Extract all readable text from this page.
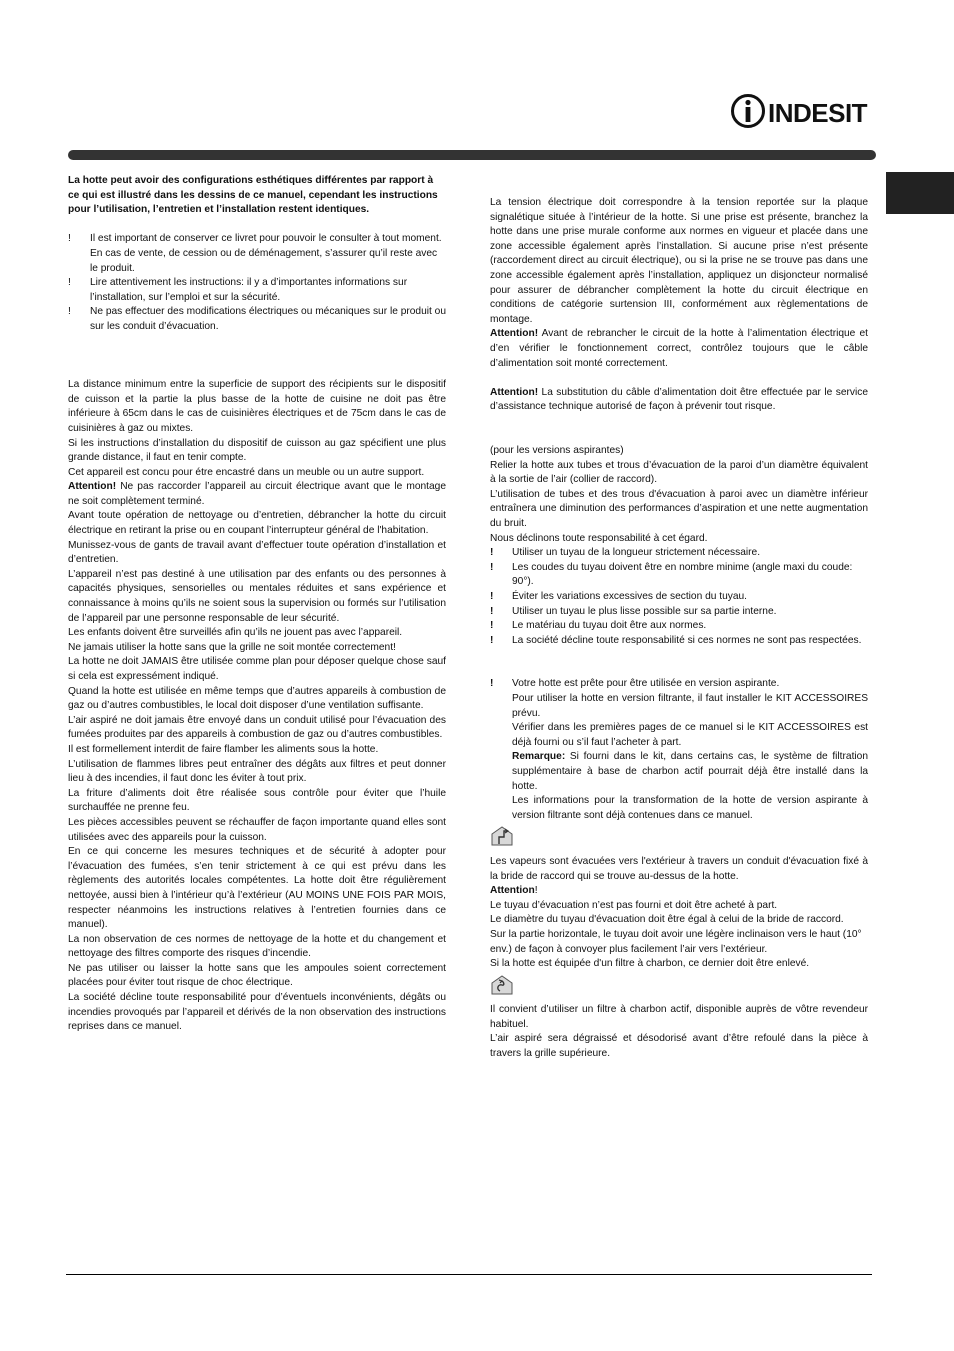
INDESIT

La hotte peut avoir des configurations esthétiques différentes par rapport à ce qui est illustré dans les dessins de ce manuel, cependant les instructions pour l’utilisation, l’entretien et l’installation restent identiques.

! Il est important de conserver ce livret pour pouvoir le consulter à tout moment. En cas de vente, de cession ou de déménagement, s’assurer qu’il reste avec le produit.
! Lire attentivement les instructions: il y a d’importantes informations sur l’installation, sur l’emploi et sur la sécurité.
! Ne pas effectuer des modifications électriques ou mécaniques sur le produit ou sur les conduit d’évacuation.

La distance minimum entre la superficie de support des récipients sur le dispositif de cuisson et la partie la plus basse de la hotte de cuisine ne doit pas être inférieure à 65cm dans le cas de cuisinières électriques et de 75cm dans le cas de cuisinières à gaz ou mixtes.

Si les instructions d’installation du dispositif de cuisson au gaz spécifient une plus grande distance, il faut en tenir compte.

Cet appareil est concu pour étre encastré dans un meuble ou un autre support.

Attention! Ne pas raccorder l’appareil au circuit électrique avant que le montage ne soit complètement terminé.

Avant toute opération de nettoyage ou d’entretien, débrancher la hotte du circuit électrique en retirant la prise ou en coupant l’interrupteur général de l'habitation.

Munissez-vous de gants de travail avant d’effectuer toute opération d’installation et d’entretien.

L’appareil n’est pas destiné à une utilisation par des enfants ou des personnes à capacités physiques, sensorielles ou mentales réduites et sans expérience et connaissance à moins qu’ils ne soient sous la supervision ou formés sur l’utilisation de l’appareil par une personne responsable de leur sécurité.

Les enfants doivent être surveillés afin qu’ils ne jouent pas avec l’appareil.

Ne jamais utiliser la hotte sans que la grille ne soit montée correctement!

La hotte ne doit JAMAIS être utilisée comme plan pour déposer quelque chose sauf si cela est expressément indiqué.

Quand la hotte est utilisée en même temps que d’autres appareils à combustion de gaz ou d’autres combustibles, le local doit disposer d’une ventilation suffisante.

L’air aspiré ne doit jamais être envoyé dans un conduit utilisé pour l’évacuation des fumées produites par des appareils à combustion de gaz ou d’autres combustibles.

Il est formellement interdit de faire flamber les aliments sous la hotte.

L’utilisation de flammes libres peut entraîner des dégâts aux filtres et peut donner lieu à des incendies, il faut donc les éviter à tout prix.

La friture d’aliments doit être réalisée sous contrôle pour éviter que l’huile surchauffée ne prenne feu.

Les pièces accessibles peuvent se réchauffer de façon importante quand elles sont utilisées avec des appareils pour la cuisson.

En ce qui concerne les mesures techniques et de sécurité à adopter pour l’évacuation des fumées, s’en tenir strictement à ce qui est prévu dans les règlements des autorités locales compétentes. La hotte doit être régulièrement nettoyée, aussi bien à l’intérieur qu’à l’extérieur (AU MOINS UNE FOIS PAR MOIS, respecter néanmoins les instructions relatives à l’entretien fournies dans ce manuel).

La non observation de ces normes de nettoyage de la hotte et du changement et nettoyage des filtres comporte des risques d’incendie.

Ne pas utiliser ou laisser la hotte sans que les ampoules soient correctement placées pour éviter tout risque de choc électrique.

La société décline toute responsabilité pour d’éventuels inconvénients, dégâts ou incendies provoqués par l’appareil et dérivés de la non observation des instructions reprises dans ce manuel.

La tension électrique doit correspondre à la tension reportée sur la plaque signalétique située à l’intérieur de la hotte. Si une prise est présente, branchez la hotte dans une prise murale conforme aux normes en vigueur et placée dans une zone accessible également après l’installation. Si aucune prise n’est présente (raccordement direct au circuit électrique), ou si la prise ne se trouve pas dans une zone accessible également après l’installation, appliquez un disjoncteur normalisé pour assurer de débrancher complètement la hotte du circuit électrique en conditions de catégorie surtension III, conformément aux règlementations de montage.

Attention! Avant de rebrancher le circuit de la hotte à l’alimentation électrique et d’en vérifier le fonctionnement correct, contrôlez toujours que le câble d’alimentation soit monté correctement.

Attention! La substitution du câble d’alimentation doit être effectuée par le service d’assistance technique autorisé de façon à prévenir tout risque.

(pour les versions aspirantes)

Relier la hotte aux tubes et trous d’évacuation de la paroi d’un diamètre équivalent à la sortie de l’air (collier de raccord).

L’utilisation de tubes et des trous d'évacuation à paroi avec un diamètre inférieur entraînera une diminution des performances d’aspiration et une nette augmentation du bruit.

Nous déclinons toute responsabilité à cet égard.

! Utiliser un tuyau de la longueur strictement nécessaire.
! Les coudes du tuyau doivent être en nombre minime (angle maxi du coude: 90°).
! Éviter les variations excessives de section du tuyau.
! Utiliser un tuyau le plus lisse possible sur sa partie interne.
! Le matériau du tuyau doit être aux normes.
! La société décline toute responsabilité si ces normes ne sont pas respectées.
! Votre hotte est prête pour être utilisée en version aspirante.

Pour utiliser la hotte en version filtrante, il faut installer le KIT ACCESSOIRES prévu.

Vérifier dans les premières pages de ce manuel si le KIT ACCESSOIRES est déjà fourni ou s’il faut l’acheter à part.

Remarque: Si fourni dans le kit, dans certains cas, le système de filtration supplémentaire à base de charbon actif pourrait déjà être installé dans la hotte.

Les informations pour la transformation de la hotte de version aspirante à version filtrante sont déjà contenues dans ce manuel.

Les vapeurs sont évacuées vers l'extérieur à travers un conduit d'évacuation fixé à la bride de raccord qui se trouve au-dessus de la hotte.

Attention!

Le tuyau d’évacuation n’est pas fourni et doit être acheté à part.

Le diamètre du tuyau d'évacuation doit être égal à celui de la bride de raccord.

Sur la partie horizontale, le tuyau doit avoir une légère inclinaison vers le haut (10° env.) de façon à convoyer plus facilement l’air vers l’extérieur.

Si la hotte est équipée d'un filtre à charbon, ce dernier doit être enlevé.

Il convient d’utiliser un filtre à charbon actif, disponible auprès de vôtre revendeur habituel.

L’air aspiré sera dégraissé et désodorisé avant d’être refoulé dans la pièce à travers la grille supérieure.
